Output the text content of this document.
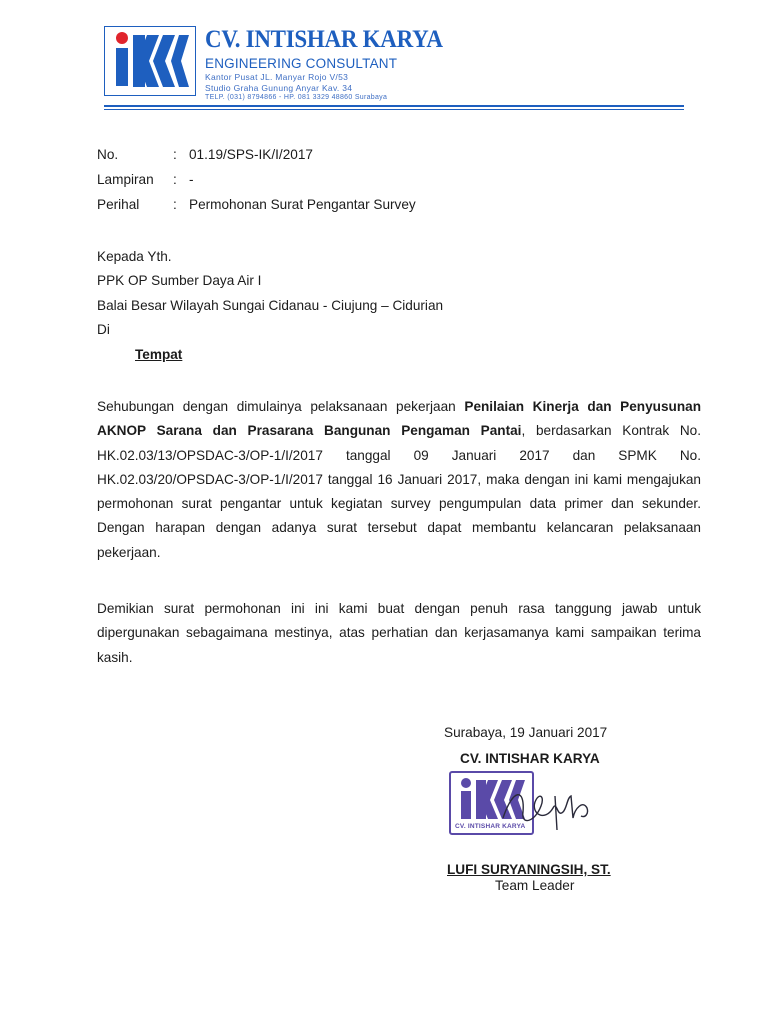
CV. INTISHAR KARYA
ENGINEERING CONSULTANT
Kantor Pusat JL. Manyar Rojo V/53
Studio Graha Gunung Anyar Kav. 34
TELP. (031) 8794866 - HP. 081 3329 48860 Surabaya
No.	: 01.19/SPS-IK/I/2017
Lampiran : -
Perihal : Permohonan Surat Pengantar Survey
Kepada Yth.
PPK OP Sumber Daya Air I
Balai Besar Wilayah Sungai Cidanau - Ciujung – Cidurian
Di
Tempat
Sehubungan dengan dimulainya pelaksanaan pekerjaan Penilaian Kinerja dan Penyusunan AKNOP Sarana dan Prasarana Bangunan Pengaman Pantai, berdasarkan Kontrak No. HK.02.03/13/OPSDAC-3/OP-1/I/2017 tanggal 09 Januari 2017 dan SPMK No. HK.02.03/20/OPSDAC-3/OP-1/I/2017 tanggal 16 Januari 2017, maka dengan ini kami mengajukan permohonan surat pengantar untuk kegiatan survey pengumpulan data primer dan sekunder. Dengan harapan dengan adanya surat tersebut dapat membantu kelancaran pelaksanaan pekerjaan.
Demikian surat permohonan ini ini kami buat dengan penuh rasa tanggung jawab untuk dipergunakan sebagaimana mestinya, atas perhatian dan kerjasamanya kami sampaikan terima kasih.
Surabaya, 19 Januari 2017
CV. INTISHAR KARYA
CV. INTISHAR KARYA
LUFI SURYANINGSIH, ST.
Team Leader
